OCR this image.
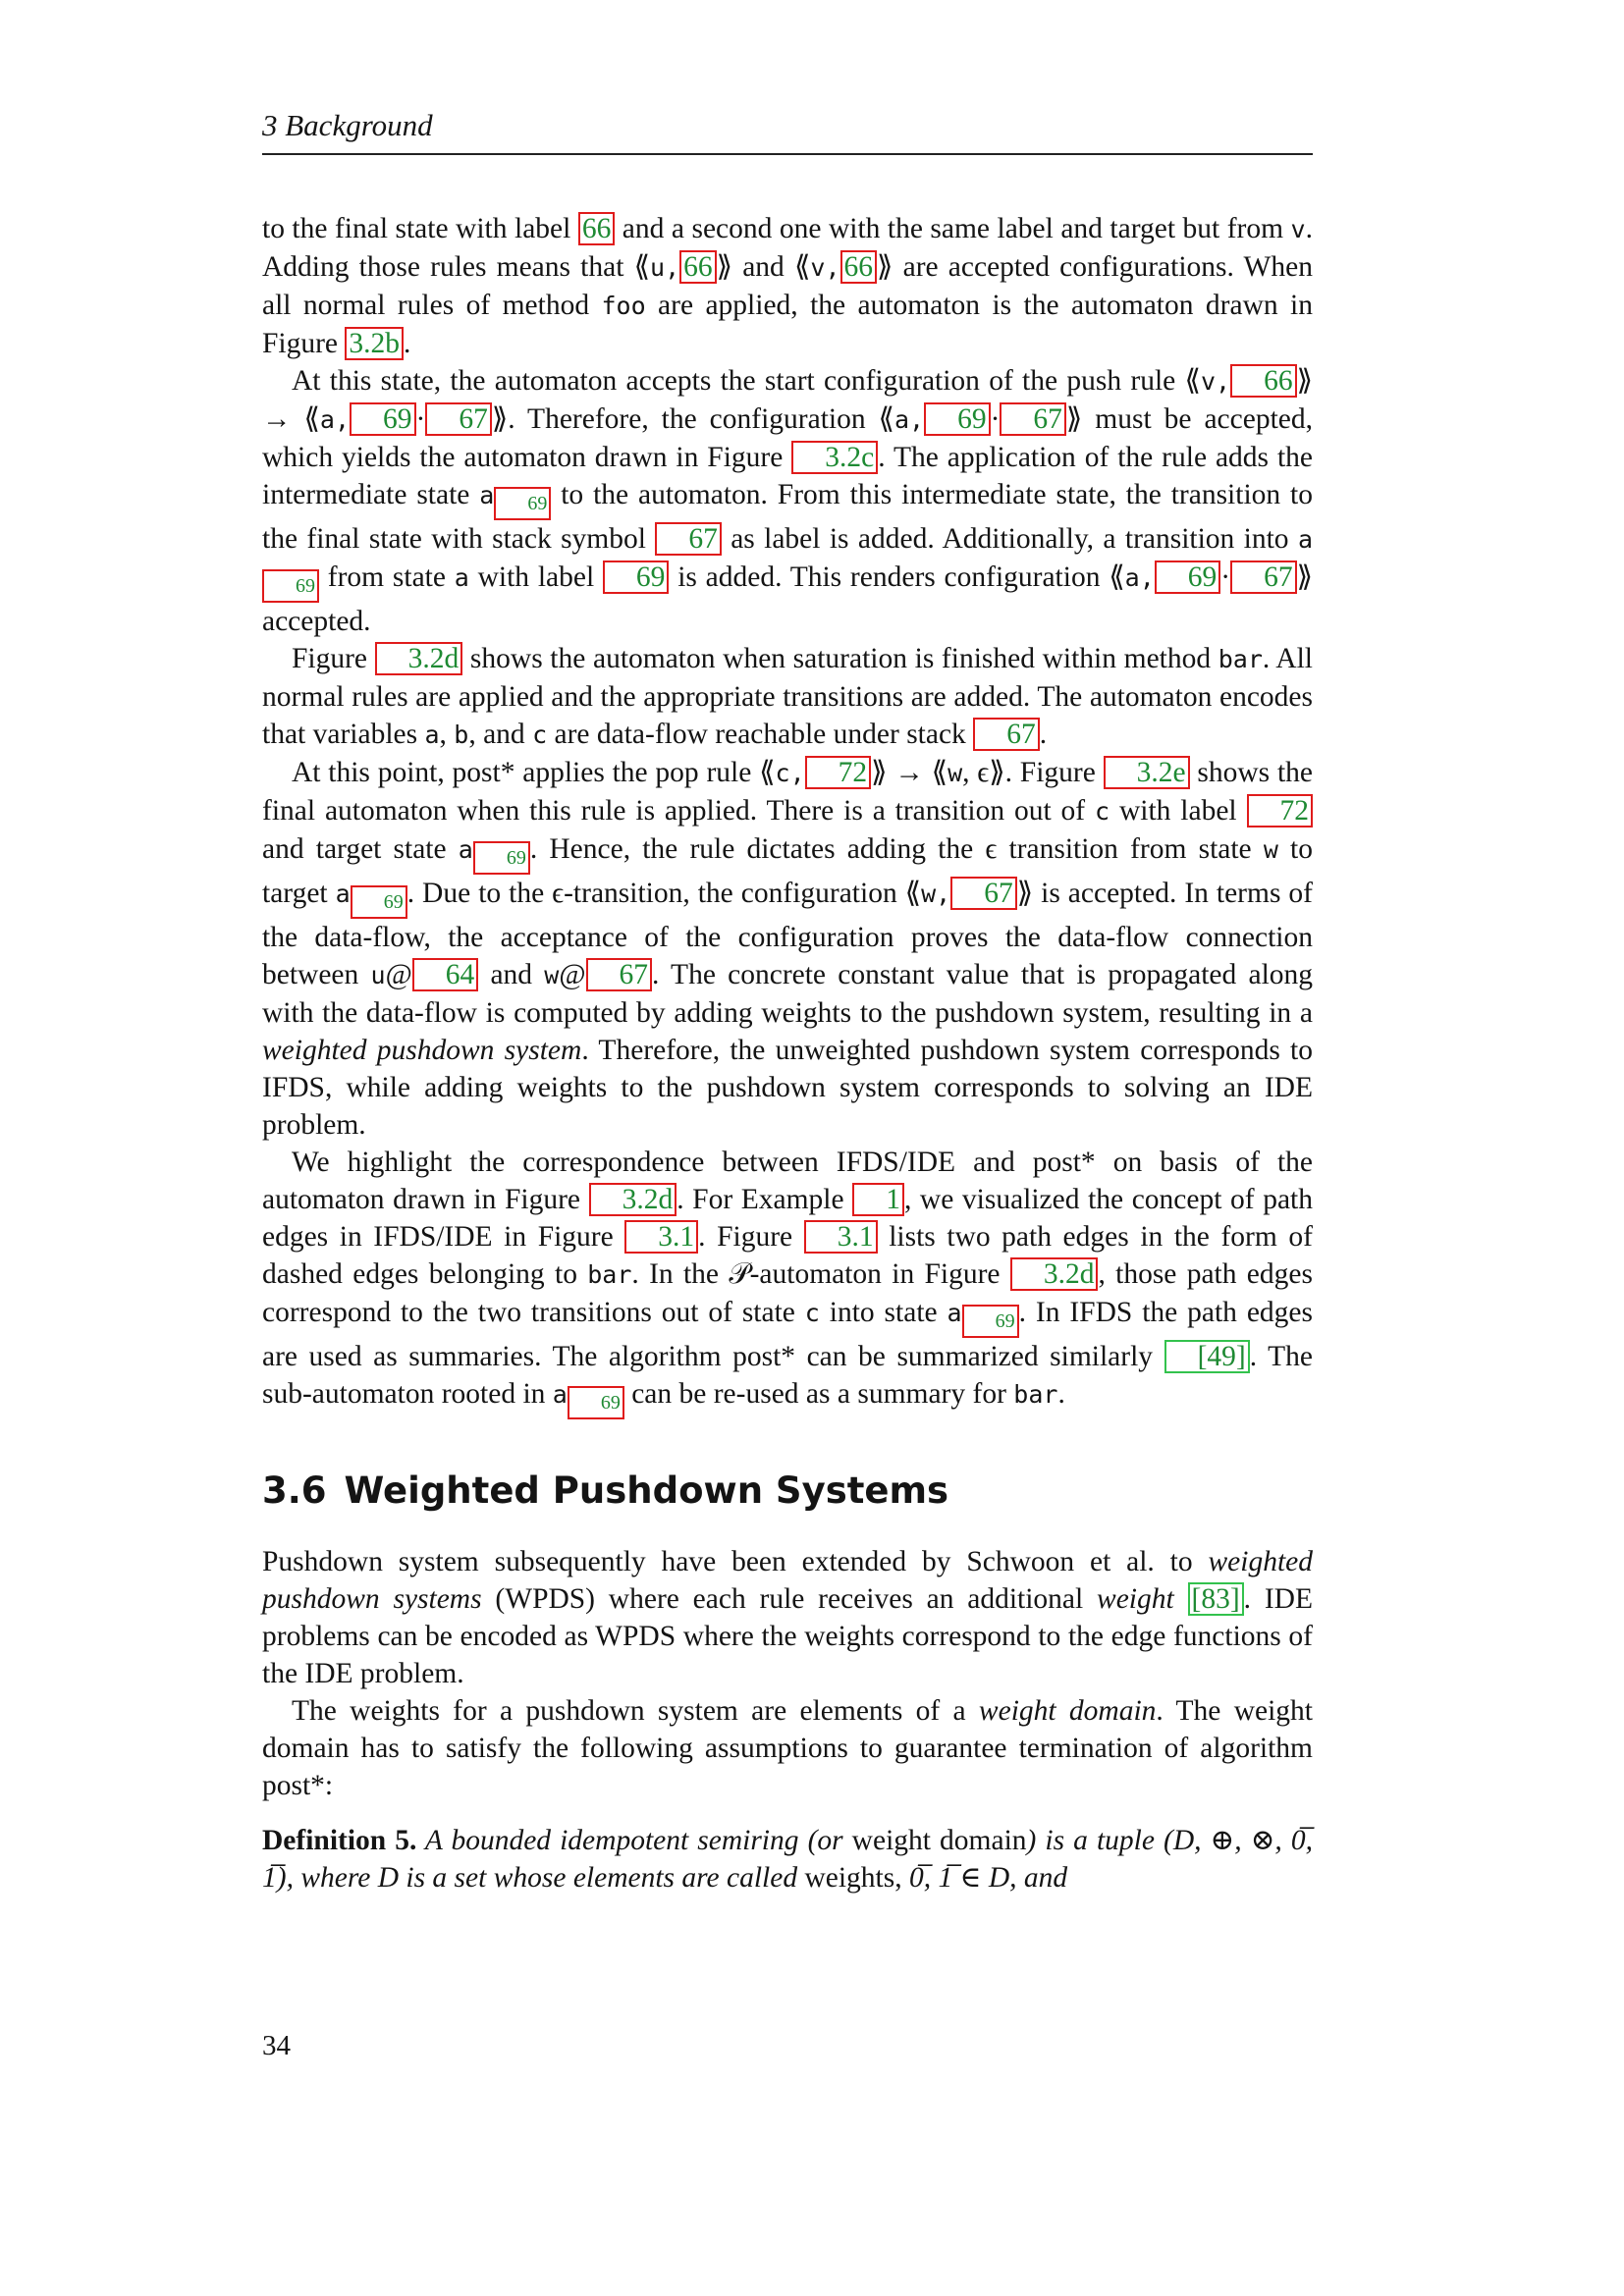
3 Background

to the final state with label 66 and a second one with the same label and target but from v. Adding those rules means that ⟪u, 66 ⟫ and ⟪v, 66 ⟫ are accepted configurations. When all normal rules of method foo are applied, the automaton is the automaton drawn in Figure 3.2b .

At this state, the automaton accepts the start configuration of the push rule ⟪v, 66 ⟫ → ⟪a, 69 · 67 ⟫. Therefore, the configuration ⟪a, 69 · 67 ⟫ must be accepted, which yields the automaton drawn in Figure 3.2c . The application of the rule adds the intermediate state a 69 to the automaton. From this intermediate state, the transition to the final state with stack symbol 67 as label is added. Additionally, a transition into a69 from state a with label 69 is added. This renders configuration ⟪a, 69 · 67 ⟫ accepted.

Figure 3.2d shows the automaton when saturation is finished within method bar. All normal rules are applied and the appropriate transitions are added. The automaton encodes that variables a, b, and c are data-flow reachable under stack 67 .

At this point, post* applies the pop rule ⟪c, 72 ⟫ → ⟪w, ϵ⟫. Figure 3.2e shows the final automaton when this rule is applied. There is a transition out of c with label 72 and target state a 69 . Hence, the rule dictates adding the ϵ transition from state w to target a 69 . Due to the ϵ-transition, the configuration ⟪w, 67 ⟫ is accepted. In terms of the data-flow, the acceptance of the configuration proves the data-flow connection between u@ 64 and w@ 67 . The concrete constant value that is propagated along with the data-flow is computed by adding weights to the pushdown system, resulting in a weighted pushdown system. Therefore, the unweighted pushdown system corresponds to IFDS, while adding weights to the pushdown system corresponds to solving an IDE problem.

We highlight the correspondence between IFDS/IDE and post* on basis of the automaton drawn in Figure 3.2d . For Example 1 , we visualized the concept of path edges in IFDS/IDE in Figure 3.1 . Figure 3.1 lists two path edges in the form of dashed edges belonging to bar. In the 𝒫-automaton in Figure 3.2d , those path edges correspond to the two transitions out of state c into state a 69 . In IFDS the path edges are used as summaries. The algorithm post* can be summarized similarly [49] . The sub-automaton rooted in a 69 can be re-used as a summary for bar.

3.6 Weighted Pushdown Systems

Pushdown system subsequently have been extended by Schwoon et al. to weighted pushdown systems (WPDS) where each rule receives an additional weight [83] . IDE problems can be encoded as WPDS where the weights correspond to the edge functions of the IDE problem.

The weights for a pushdown system are elements of a weight domain. The weight domain has to satisfy the following assumptions to guarantee termination of algorithm post*:

Definition 5. A bounded idempotent semiring (or weight domain) is a tuple (D, ⊕, ⊗, 0̅, 1̅), where D is a set whose elements are called weights, 0̅, 1̅ ∈ D, and

34
